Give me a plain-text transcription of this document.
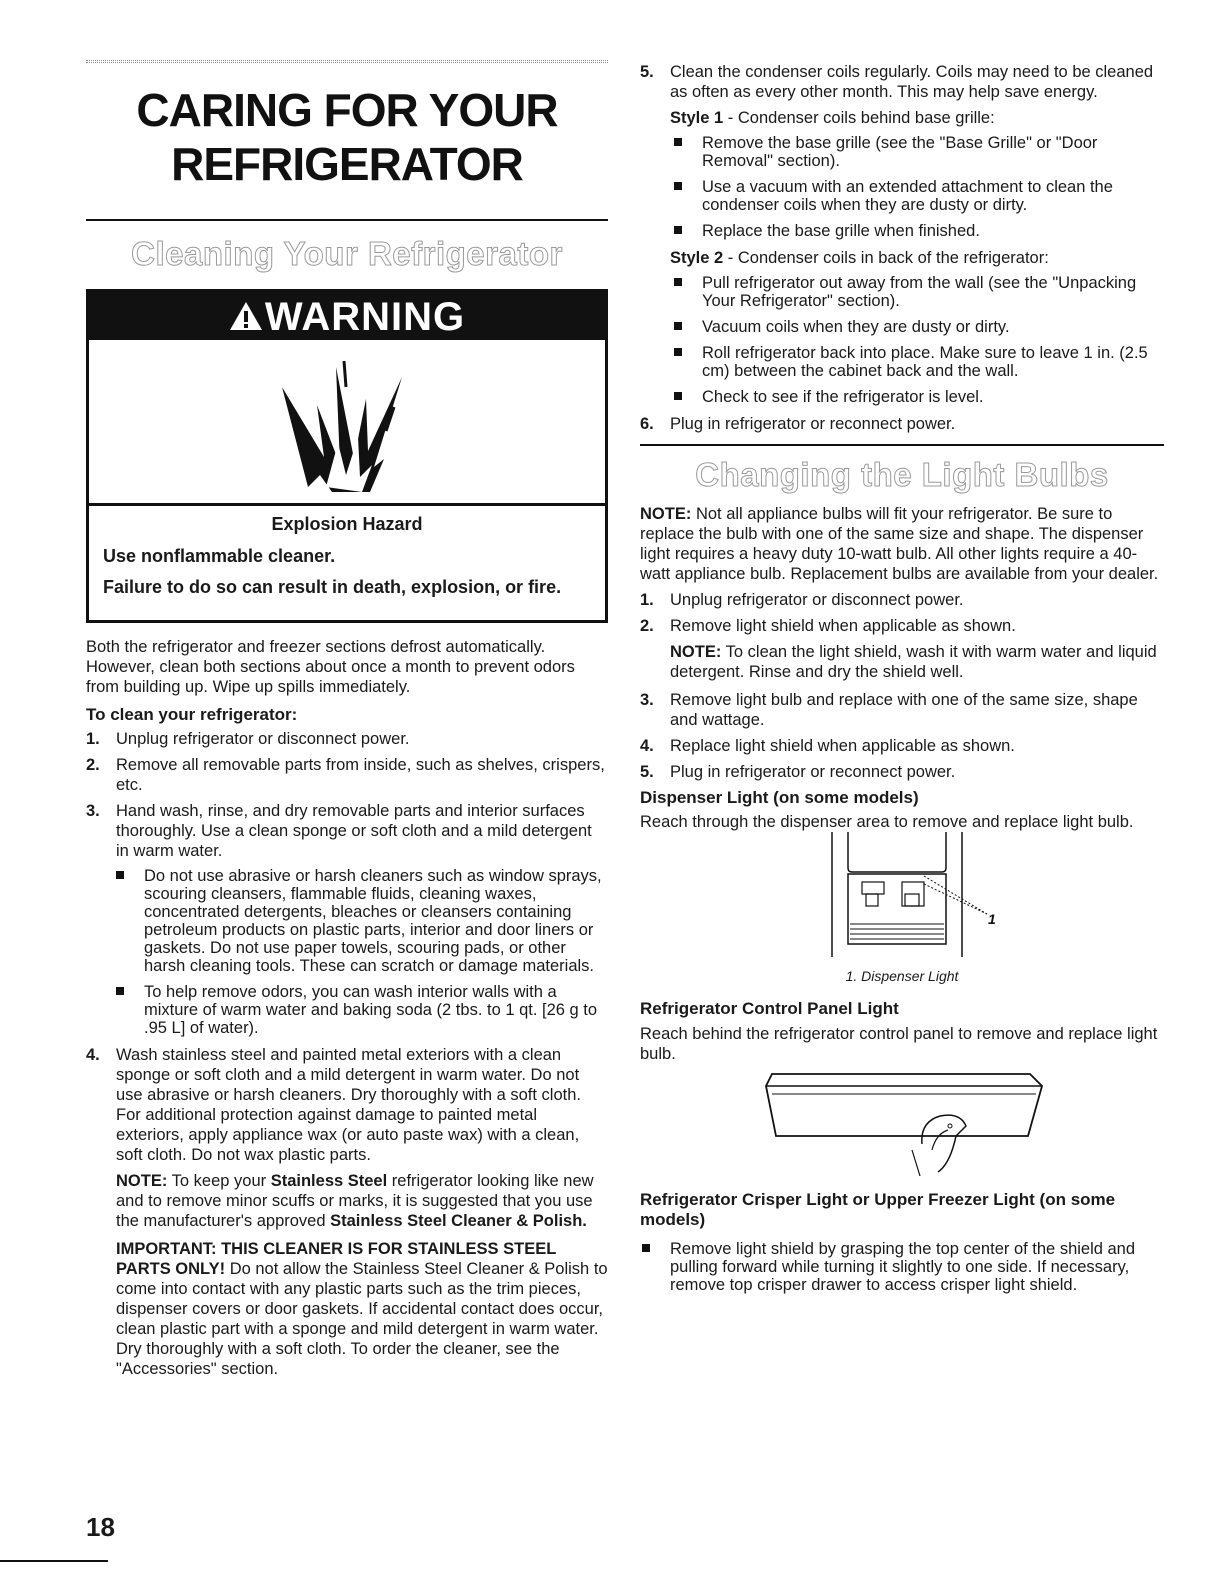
CARING FOR YOUR
REFRIGERATOR
Cleaning Your Refrigerator
WARNING
Explosion Hazard
Use nonflammable cleaner.
Failure to do so can result in death, explosion, or fire.

Both the refrigerator and freezer sections defrost automatically. However, clean both sections about once a month to prevent odors from building up. Wipe up spills immediately.

To clean your refrigerator:
1. Unplug refrigerator or disconnect power.
2. Remove all removable parts from inside, such as shelves, crispers, etc.
3. Hand wash, rinse, and dry removable parts and interior surfaces thoroughly. Use a clean sponge or soft cloth and a mild detergent in warm water.
Do not use abrasive or harsh cleaners such as window sprays, scouring cleansers, flammable fluids, cleaning waxes, concentrated detergents, bleaches or cleansers containing petroleum products on plastic parts, interior and door liners or gaskets. Do not use paper towels, scouring pads, or other harsh cleaning tools. These can scratch or damage materials.
To help remove odors, you can wash interior walls with a mixture of warm water and baking soda (2 tbs. to 1 qt. [26 g to .95 L] of water).
4. Wash stainless steel and painted metal exteriors with a clean sponge or soft cloth and a mild detergent in warm water. Do not use abrasive or harsh cleaners. Dry thoroughly with a soft cloth. For additional protection against damage to painted metal exteriors, apply appliance wax (or auto paste wax) with a clean, soft cloth. Do not wax plastic parts.
NOTE: To keep your Stainless Steel refrigerator looking like new and to remove minor scuffs or marks, it is suggested that you use the manufacturer's approved Stainless Steel Cleaner & Polish.
IMPORTANT: THIS CLEANER IS FOR STAINLESS STEEL PARTS ONLY! Do not allow the Stainless Steel Cleaner & Polish to come into contact with any plastic parts such as the trim pieces, dispenser covers or door gaskets. If accidental contact does occur, clean plastic part with a sponge and mild detergent in warm water. Dry thoroughly with a soft cloth. To order the cleaner, see the "Accessories" section.
5. Clean the condenser coils regularly. Coils may need to be cleaned as often as every other month. This may help save energy.
Style 1 - Condenser coils behind base grille:
Remove the base grille (see the "Base Grille" or "Door Removal" section).
Use a vacuum with an extended attachment to clean the condenser coils when they are dusty or dirty.
Replace the base grille when finished.
Style 2 - Condenser coils in back of the refrigerator:
Pull refrigerator out away from the wall (see the "Unpacking Your Refrigerator" section).
Vacuum coils when they are dusty or dirty.
Roll refrigerator back into place. Make sure to leave 1 in. (2.5 cm) between the cabinet back and the wall.
Check to see if the refrigerator is level.
6. Plug in refrigerator or reconnect power.
Changing the Light Bulbs

NOTE: Not all appliance bulbs will fit your refrigerator. Be sure to replace the bulb with one of the same size and shape. The dispenser light requires a heavy duty 10-watt bulb. All other lights require a 40-watt appliance bulb. Replacement bulbs are available from your dealer.

1. Unplug refrigerator or disconnect power.
2. Remove light shield when applicable as shown.
NOTE: To clean the light shield, wash it with warm water and liquid detergent. Rinse and dry the shield well.
3. Remove light bulb and replace with one of the same size, shape and wattage.
4. Replace light shield when applicable as shown.
5. Plug in refrigerator or reconnect power.
Dispenser Light (on some models)

Reach through the dispenser area to remove and replace light bulb.

1
1. Dispenser Light
Refrigerator Control Panel Light

Reach behind the refrigerator control panel to remove and replace light bulb.

Refrigerator Crisper Light or Upper Freezer Light (on some models)
Remove light shield by grasping the top center of the shield and pulling forward while turning it slightly to one side. If necessary, remove top crisper drawer to access crisper light shield.
18
